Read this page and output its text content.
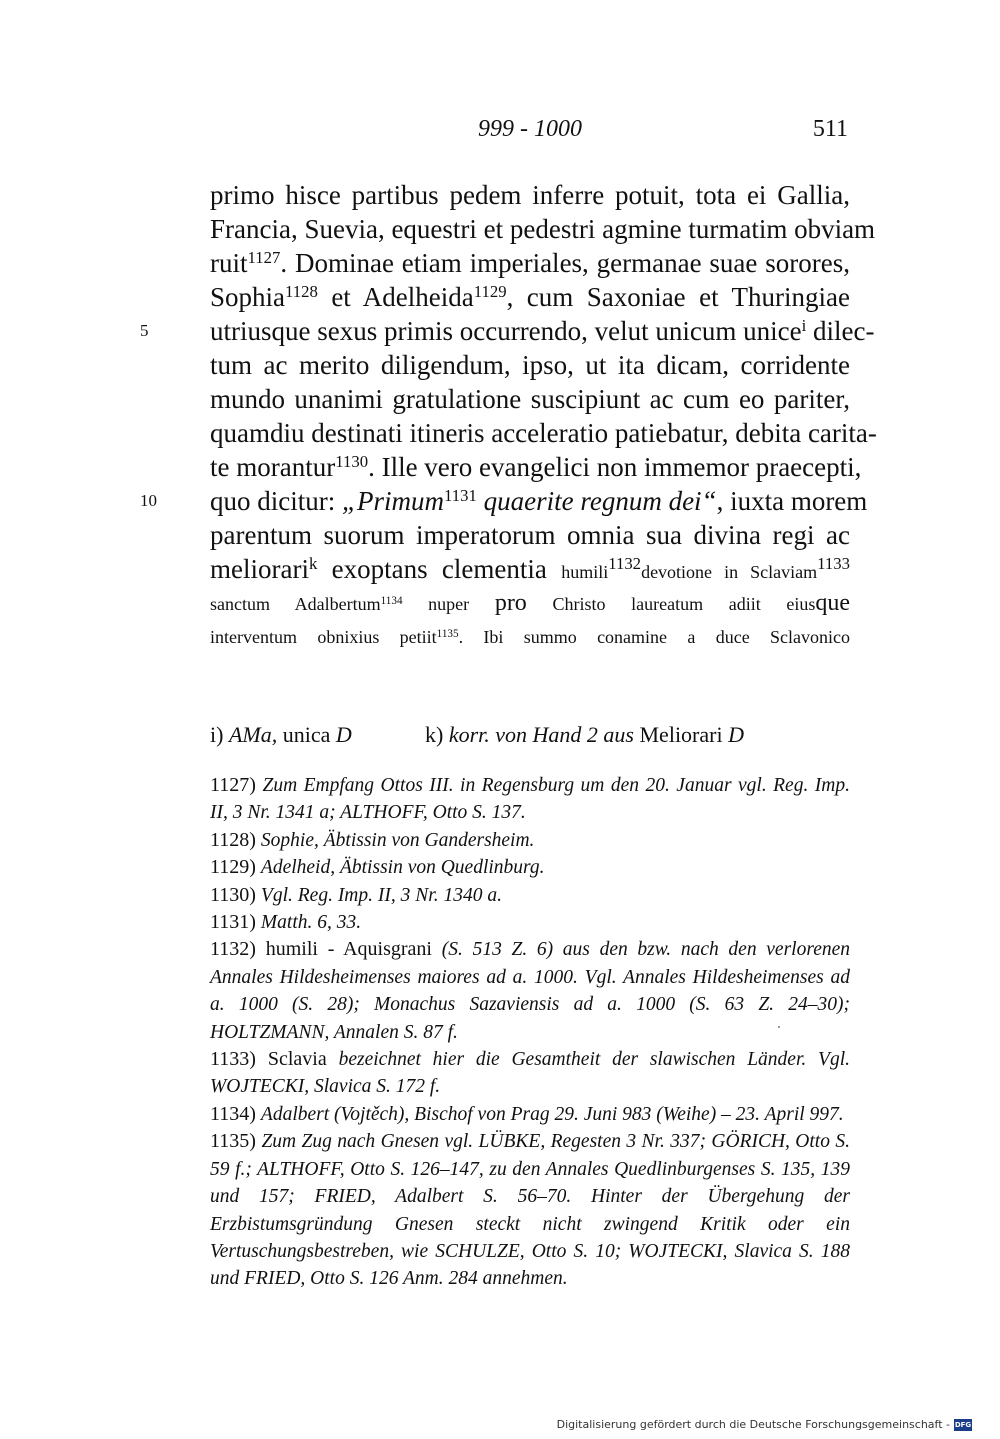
999 - 1000	511
primo hisce partibus pedem inferre potuit, tota ei Gallia,
Francia, Suevia, equestri et pedestri agmine turmatim obviam
ruit$^{1127}$. Dominae etiam imperiales, germanae suae sorores,
Sophia$^{1128}$ et Adelheida$^{1129}$, cum Saxoniae et Thuringiae
utriusque sexus primis occurrendo, velut unicum unice$^i$ dilec-
5
tum ac merito diligendum, ipso, ut ita dicam, corridente
mundo unanimi gratulatione suscipiunt ac cum eo pariter,
quamdiu destinati itineris acceleratio patiebatur, debita carita-
te morantur$^{1130}$. Ille vero evangelici non immemor praecepti,
quo dicitur: „Primum$^{1131}$ quaerite regnum dei“, iuxta morem
10
parentum suorum imperatorum omnia sua divina regi ac
meliorari$^k$ exoptans clementia humili$^{1132}$devotione in Sclaviam$^{1133}$
sanctum Adalbertum$^{1134}$ nuper pro Christo laureatum adiit eiusque
interventum obnixius petiit$^{1135}$. Ibi summo conamine a duce Sclavonico
i) AMa, unica D	k) korr. von Hand 2 aus Meliorari D
1127) Zum Empfang Ottos III. in Regensburg um den 20. Januar vgl. Reg. Imp. II, 3 Nr. 1341 a; ALTHOFF, Otto S. 137.
1128) Sophie, Äbtissin von Gandersheim.
1129) Adelheid, Äbtissin von Quedlinburg.
1130) Vgl. Reg. Imp. II, 3 Nr. 1340 a.
1131) Matth. 6, 33.
1132) humili - Aquisgrani (S. 513 Z. 6) aus den bzw. nach den verlorenen Annales Hildesheimenses maiores ad a. 1000. Vgl. Annales Hildesheimenses ad a. 1000 (S. 28); Monachus Sazaviensis ad a. 1000 (S. 63 Z. 24–30); HOLTZMANN, Annalen S. 87 f.
1133) Sclavia bezeichnet hier die Gesamtheit der slawischen Länder. Vgl. WOJTECKI, Slavica S. 172 f.
1134) Adalbert (Vojtěch), Bischof von Prag 29. Juni 983 (Weihe) – 23. April 997.
1135) Zum Zug nach Gnesen vgl. LÜBKE, Regesten 3 Nr. 337; GÖRICH, Otto S. 59 f.; ALTHOFF, Otto S. 126–147, zu den Annales Quedlinburgenses S. 135, 139 und 157; FRIED, Adalbert S. 56–70. Hinter der Übergehung der Erzbistumsgründung Gnesen steckt nicht zwingend Kritik oder ein Vertuschungsbestreben, wie SCHULZE, Otto S. 10; WOJTECKI, Slavica S. 188 und FRIED, Otto S. 126 Anm. 284 annehmen.
Digitalisierung gefördert durch die Deutsche Forschungsgemeinschaft - DFG
